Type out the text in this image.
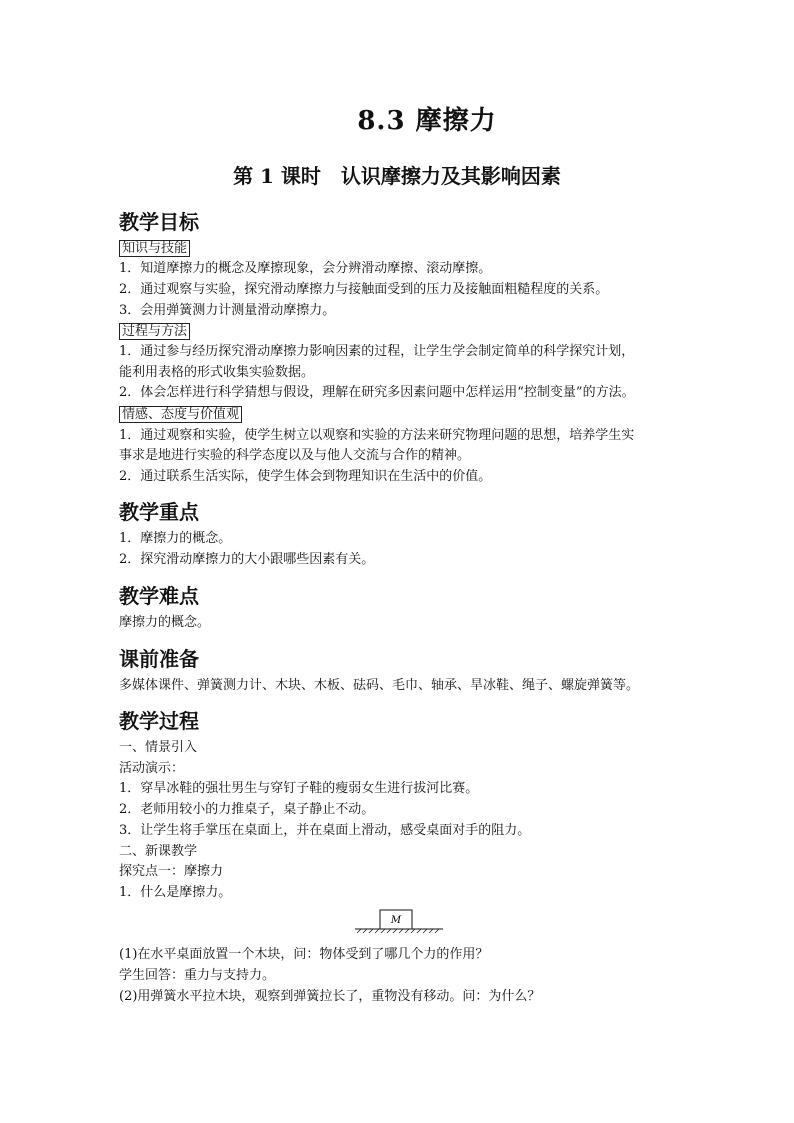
8.3 摩擦力
第 1 课时　认识摩擦力及其影响因素
教学目标
知识与技能
1．知道摩擦力的概念及摩擦现象，会分辨滑动摩擦、滚动摩擦。
2．通过观察与实验，探究滑动摩擦力与接触面受到的压力及接触面粗糙程度的关系。
3．会用弹簧测力计测量滑动摩擦力。
过程与方法
1．通过参与经历探究滑动摩擦力影响因素的过程，让学生学会制定简单的科学探究计划，
能利用表格的形式收集实验数据。
2．体会怎样进行科学猜想与假设，理解在研究多因素问题中怎样运用“控制变量”的方法。
情感、态度与价值观
1．通过观察和实验，使学生树立以观察和实验的方法来研究物理问题的思想，培养学生实
事求是地进行实验的科学态度以及与他人交流与合作的精神。
2．通过联系生活实际，使学生体会到物理知识在生活中的价值。
教学重点
1．摩擦力的概念。
2．探究滑动摩擦力的大小跟哪些因素有关。
教学难点
摩擦力的概念。
课前准备
多媒体课件、弹簧测力计、木块、木板、砝码、毛巾、轴承、旱冰鞋、绳子、螺旋弹簧等。
教学过程
一、情景引入
活动演示：
1．穿旱冰鞋的强壮男生与穿钉子鞋的瘦弱女生进行拔河比赛。
2．老师用较小的力推桌子，桌子静止不动。
3．让学生将手掌压在桌面上，并在桌面上滑动，感受桌面对手的阻力。
二、新课教学
探究点一：摩擦力
1．什么是摩擦力。
M
(1)在水平桌面放置一个木块，问：物体受到了哪几个力的作用？
学生回答：重力与支持力。
(2)用弹簧水平拉木块，观察到弹簧拉长了，重物没有移动。问：为什么？
